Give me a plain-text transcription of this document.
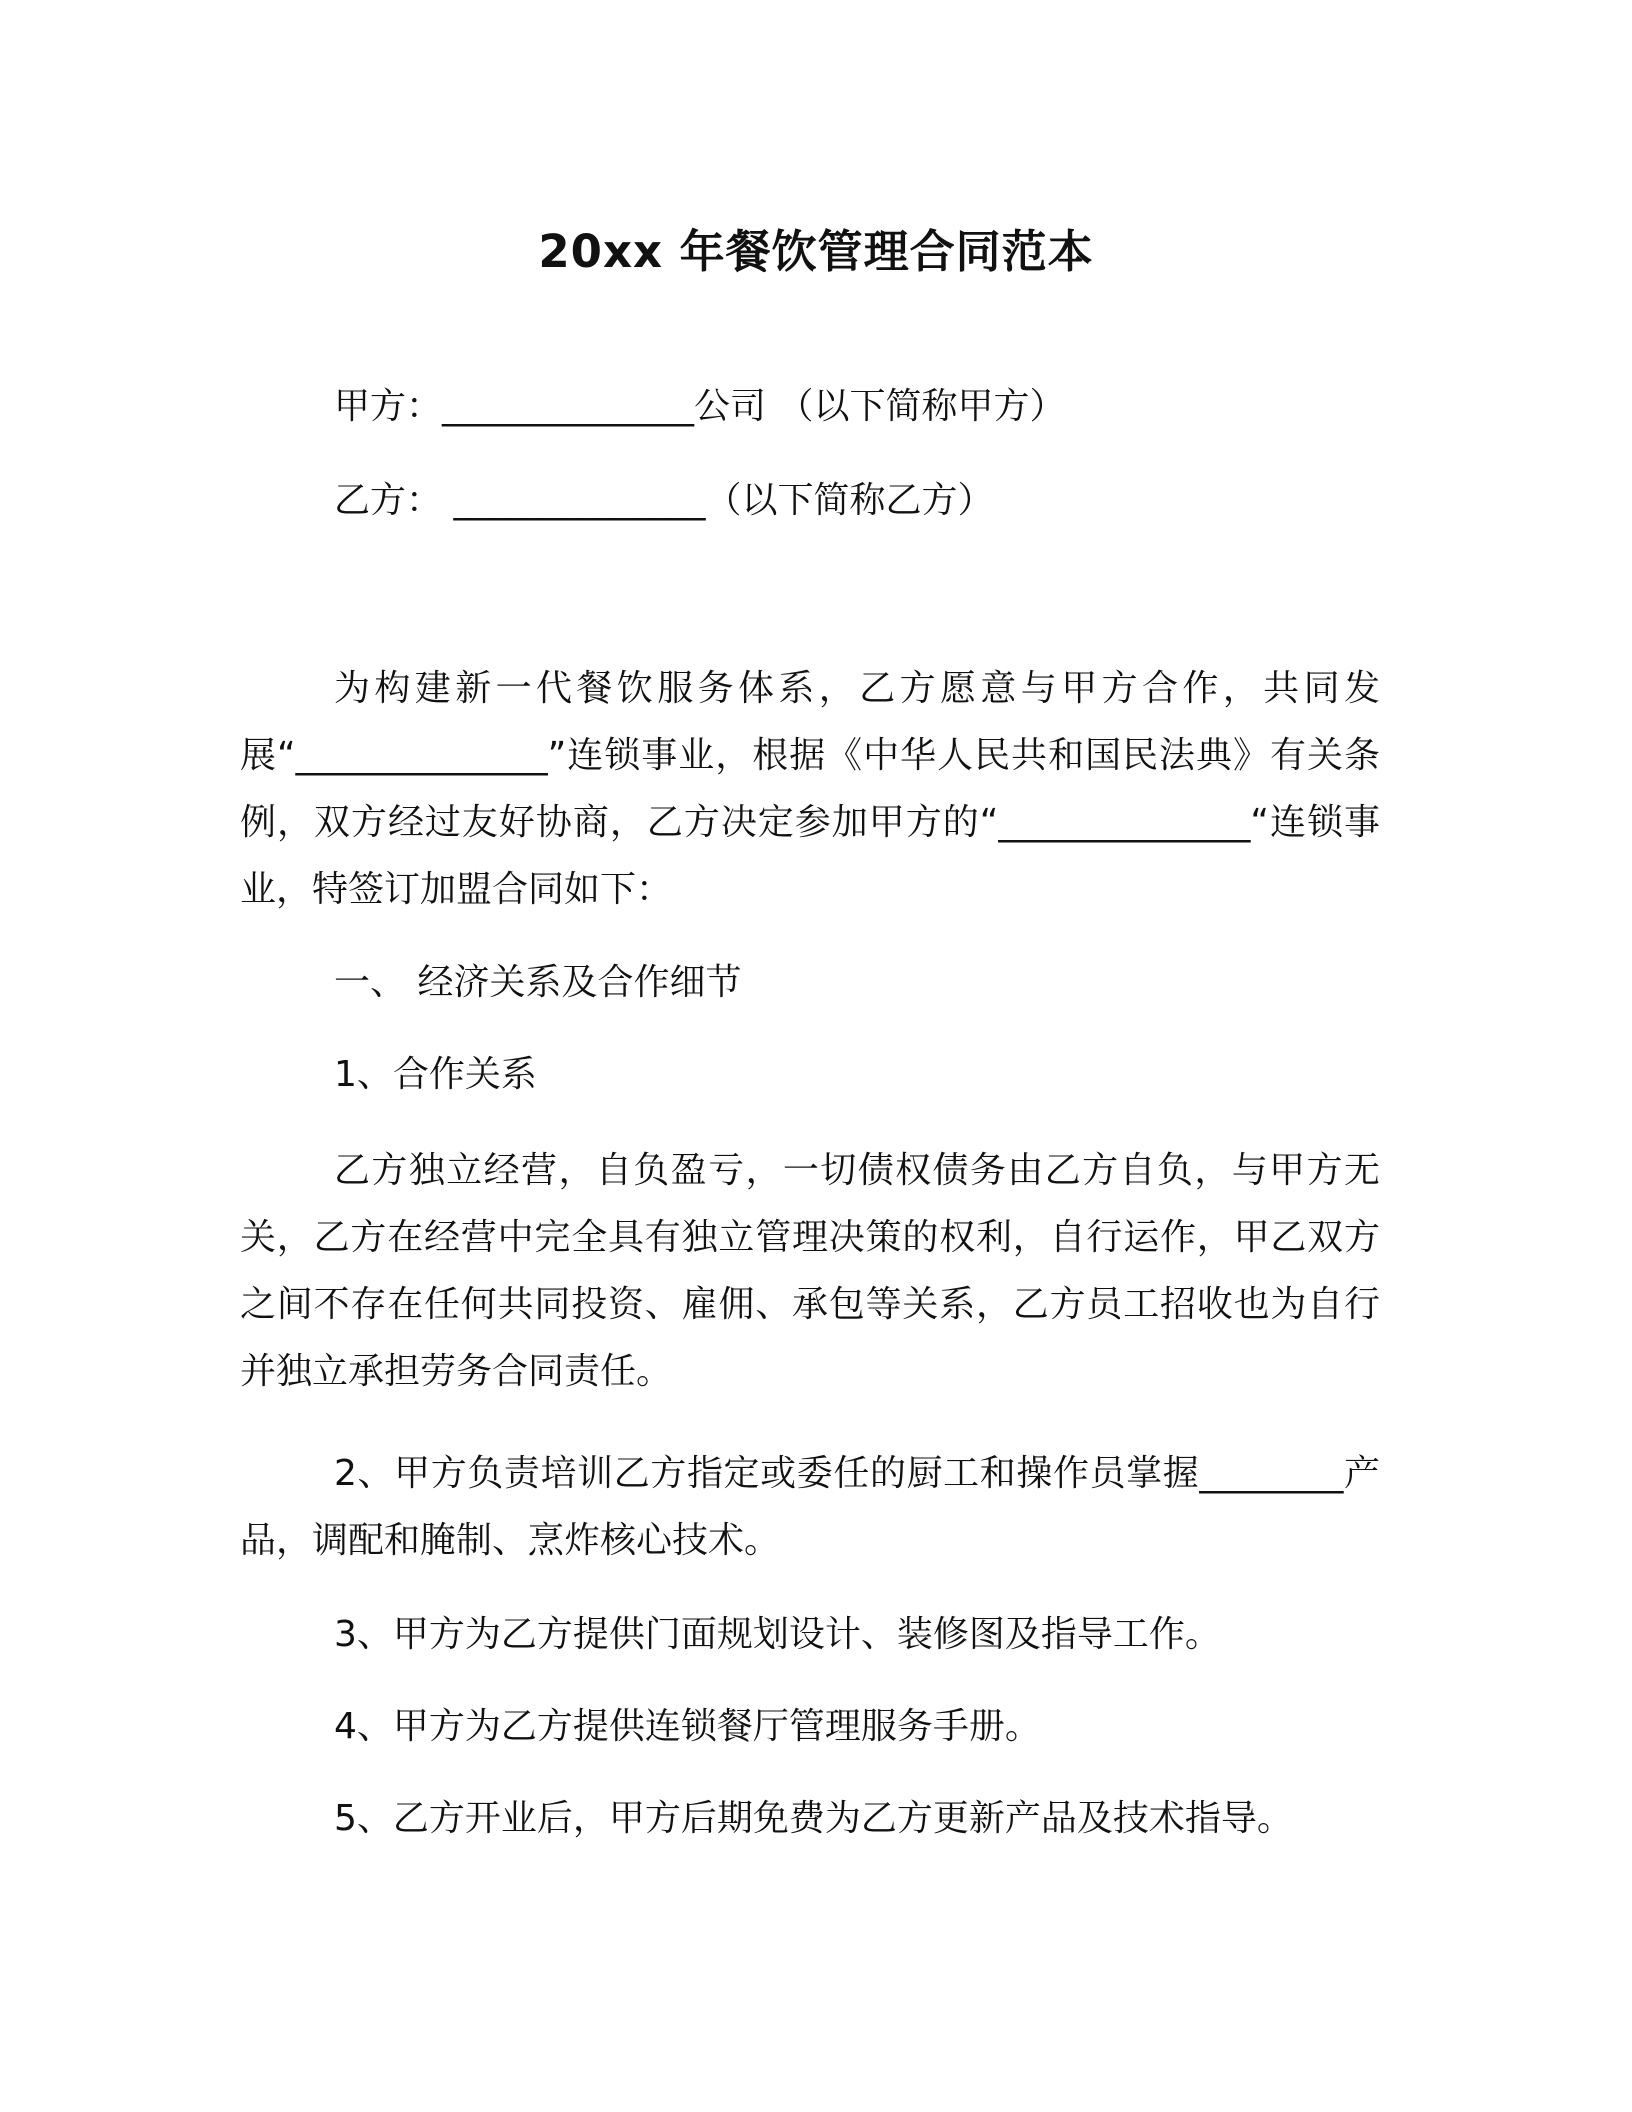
20xx 年餐饮管理合同范本
甲方：______________公司 （以下简称甲方）
乙方： ______________（以下简称乙方）
为构建新一代餐饮服务体系，乙方愿意与甲方合作，共同发展“______________”连锁事业，根据《中华人民共和国民法典》有关条例，双方经过友好协商，乙方决定参加甲方的“______________“连锁事业，特签订加盟合同如下：
一、 经济关系及合作细节
1、合作关系
乙方独立经营，自负盈亏，一切债权债务由乙方自负，与甲方无关，乙方在经营中完全具有独立管理决策的权利，自行运作，甲乙双方之间不存在任何共同投资、雇佣、承包等关系，乙方员工招收也为自行并独立承担劳务合同责任。
2、甲方负责培训乙方指定或委任的厨工和操作员掌握________产品，调配和腌制、烹炸核心技术。
3、甲方为乙方提供门面规划设计、装修图及指导工作。
4、甲方为乙方提供连锁餐厅管理服务手册。
5、乙方开业后，甲方后期免费为乙方更新产品及技术指导。
